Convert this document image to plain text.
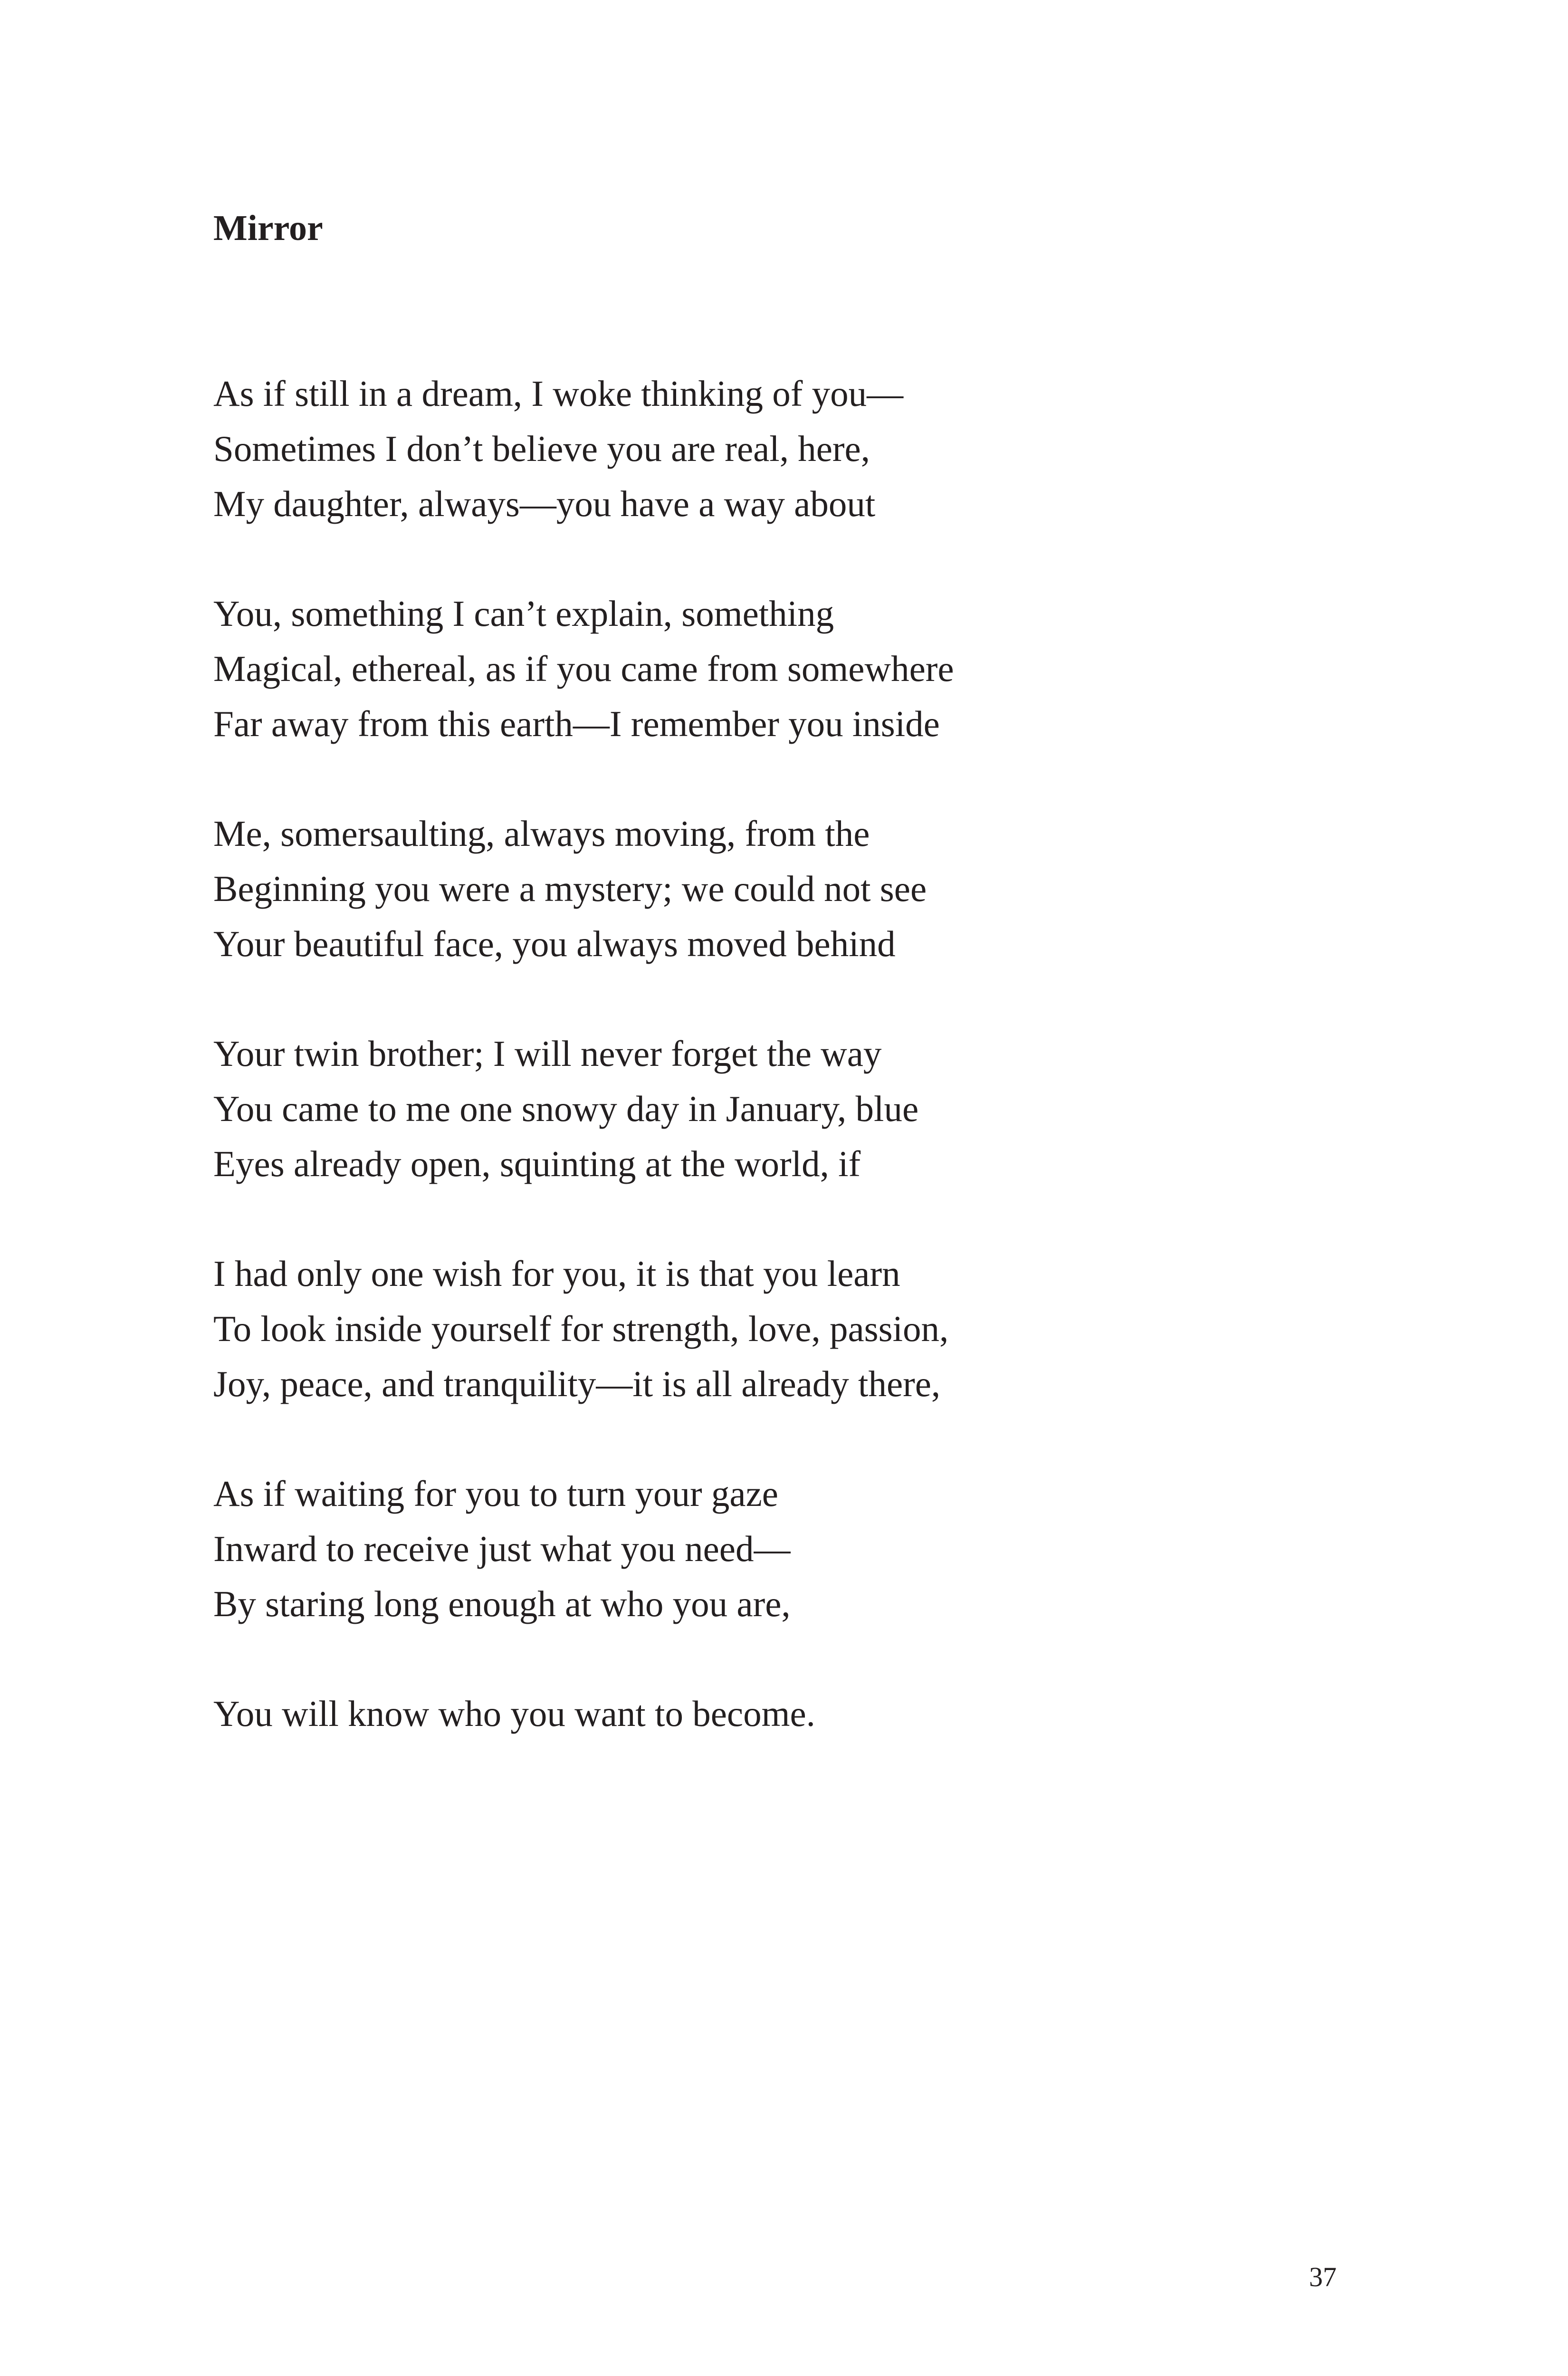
Mirror
As if still in a dream, I woke thinking of you—
Sometimes I don’t believe you are real, here,
My daughter, always—you have a way about
You, something I can’t explain, something
Magical, ethereal, as if you came from somewhere
Far away from this earth—I remember you inside
Me, somersaulting, always moving, from the
Beginning you were a mystery; we could not see
Your beautiful face, you always moved behind
Your twin brother; I will never forget the way
You came to me one snowy day in January, blue
Eyes already open, squinting at the world, if
I had only one wish for you, it is that you learn
To look inside yourself for strength, love, passion,
Joy, peace, and tranquility—it is all already there,
As if waiting for you to turn your gaze
Inward to receive just what you need—
By staring long enough at who you are,
You will know who you want to become.
37
